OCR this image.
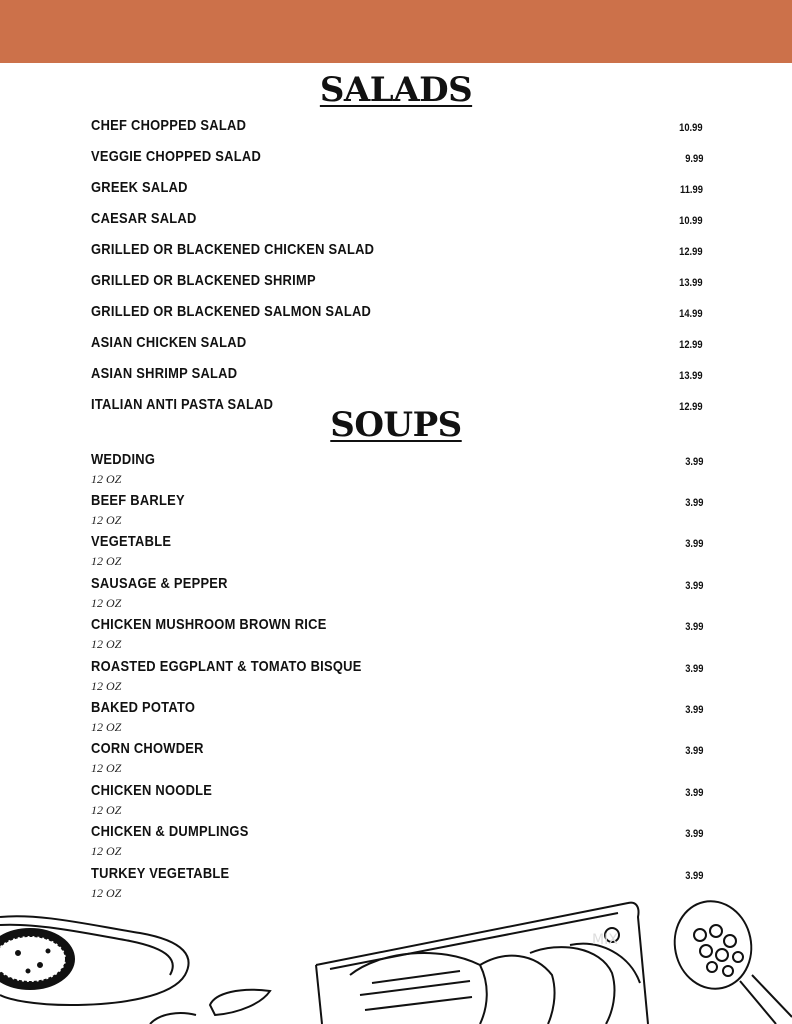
SALADS
CHEF CHOPPED SALAD	10.99
VEGGIE CHOPPED SALAD	9.99
GREEK SALAD	11.99
CAESAR SALAD	10.99
GRILLED OR BLACKENED CHICKEN SALAD	12.99
GRILLED OR BLACKENED SHRIMP	13.99
GRILLED OR BLACKENED SALMON SALAD	14.99
ASIAN CHICKEN SALAD	12.99
ASIAN SHRIMP SALAD	13.99
ITALIAN ANTI PASTA SALAD	12.99
SOUPS
WEDDING	3.99
12 OZ
BEEF BARLEY	3.99
12 OZ
VEGETABLE	3.99
12 OZ
SAUSAGE & PEPPER	3.99
12 OZ
CHICKEN MUSHROOM BROWN RICE	3.99
12 OZ
ROASTED EGGPLANT & TOMATO BISQUE	3.99
12 OZ
BAKED POTATO	3.99
12 OZ
CORN CHOWDER	3.99
12 OZ
CHICKEN NOODLE	3.99
12 OZ
CHICKEN & DUMPLINGS	3.99
12 OZ
TURKEY VEGETABLE	3.99
12 OZ
MIX
